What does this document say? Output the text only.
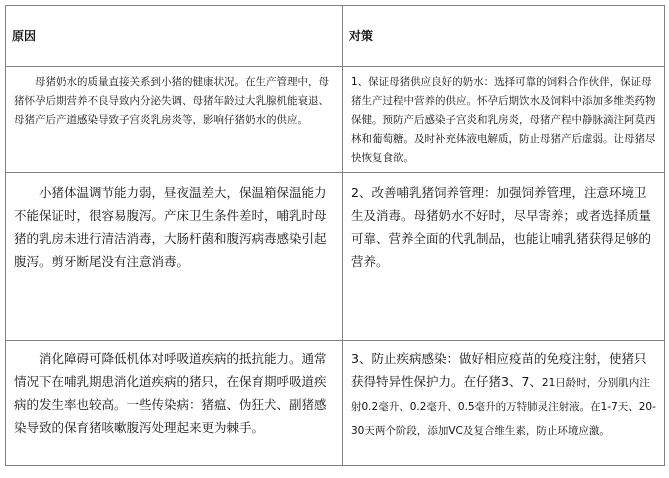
原因	对策

母猪奶水的质量直接关系到小猪的健康状况。在生产管理中，母猪怀孕后期营养不良导致内分泌失调、母猪年龄过大乳腺机能衰退、母猪产后产道感染导致子宫炎乳房炎等，影响仔猪奶水的供应。	1、保证母猪供应良好的奶水：选择可靠的饲料合作伙伴，保证母猪生产过程中营养的供应。怀孕后期饮水及饲料中添加多维类药物保健。预防产后感染子宫炎和乳房炎，母猪产程中静脉滴注阿莫西林和葡萄糖。及时补充体液电解质，防止母猪产后虚弱。让母猪尽快恢复食欲。

小猪体温调节能力弱，昼夜温差大，保温箱保温能力不能保证时，很容易腹泻。产床卫生条件差时，哺乳时母猪的乳房未进行清洁消毒，大肠杆菌和腹泻病毒感染引起腹泻。剪牙断尾没有注意消毒。	2、改善哺乳猪饲养管理：加强饲养管理，注意环境卫生及消毒。母猪奶水不好时，尽早寄养；或者选择质量可靠、营养全面的代乳制品，也能让哺乳猪获得足够的营养。

消化障碍可降低机体对呼吸道疾病的抵抗能力。通常情况下在哺乳期患消化道疾病的猪只，在保育期呼吸道疾病的发生率也较高。一些传染病：猪瘟、伪狂犬、副猪感染导致的保育猪咳嗽腹泻处理起来更为棘手。	3、防止疾病感染：做好相应疫苗的免疫注射，使猪只获得特异性保护力。在仔猪3、7、21日龄时，分别肌内注射0.2毫升、0.2毫升、0.5毫升的万特肺灵注射液。在1-7天、20-30天两个阶段，添加VC及复合维生素，防止环境应激。
